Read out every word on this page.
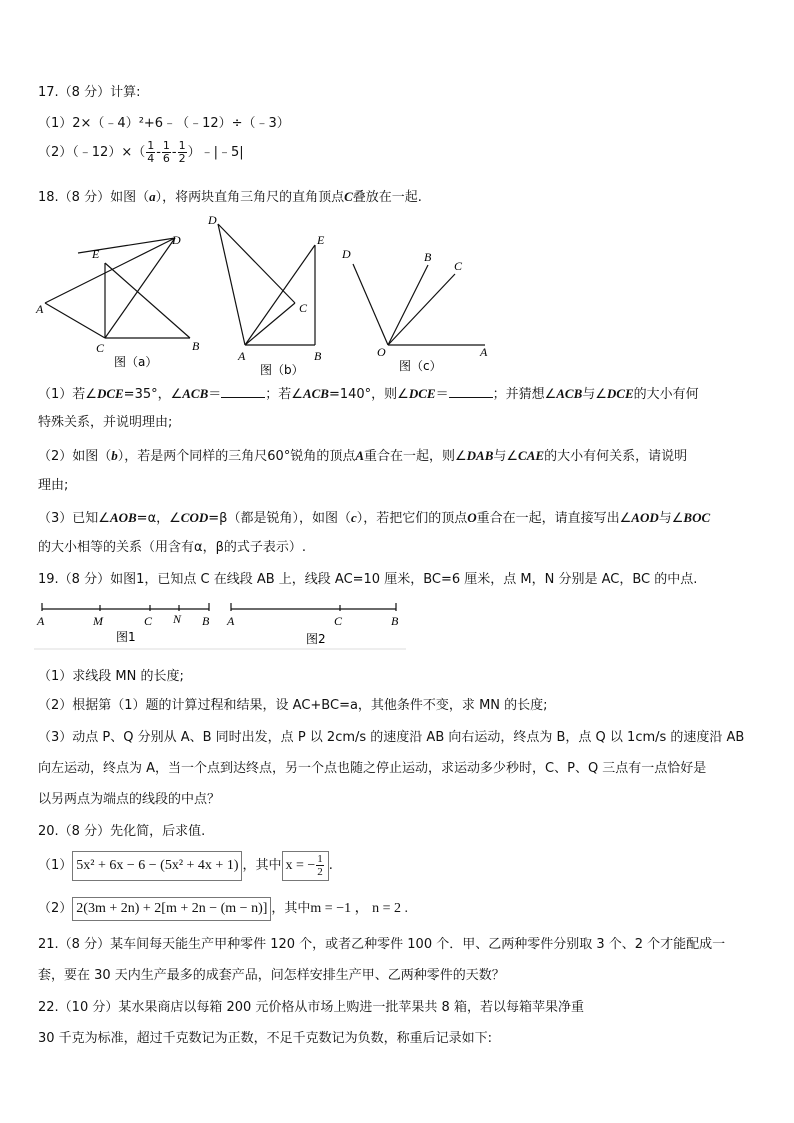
17.（8 分）计算:
（1）2×（﹣4）²+6﹣（﹣12）÷（﹣3）
（2）（﹣12）×（ $\frac{1}{4} - \frac{1}{6} - \frac{1}{2}$ ）﹣|﹣5|
18.（8 分）如图（a），将两块直角三角尺的直角顶点C叠放在一起.
E
D
A
C	B
图（a）
D
E
C
A	B
图（b）
D	B
C
O	A
图（c）
（1）若∠DCE=35°，∠ACB＝	；若∠ACB=140°，则∠DCE＝	；并猜想∠ACB与∠DCE的大小有何
特殊关系，并说明理由;
（2）如图（b），若是两个同样的三角尺60°锐角的顶点A重合在一起，则∠DAB与∠CAE的大小有何关系，请说明
理由;
（3）已知∠AOB=α，∠COD=β（都是锐角），如图（c），若把它们的顶点O重合在一起，请直接写出∠AOD与∠BOC
的大小相等的关系（用含有α，β的式子表示）.
19.（8 分）如图1，已知点 C 在线段 AB 上，线段 AC=10 厘米，BC=6 厘米，点 M，N 分别是 AC，BC 的中点.
A	M	C N B
图1
A	C	B
图2
（1）求线段 MN 的长度;
（2）根据第（1）题的计算过程和结果，设 AC+BC=a，其他条件不变，求 MN 的长度;
（3）动点 P、Q 分别从 A、B 同时出发，点 P 以 2cm/s 的速度沿 AB 向右运动，终点为 B，点 Q 以 1cm/s 的速度沿 AB
向左运动，终点为 A，当一个点到达终点，另一个点也随之停止运动，求运动多少秒时，C、P、Q 三点有一点恰好是
以另两点为端点的线段的中点？
20.（8 分）先化简，后求值.
（1） 5x² + 6x − 6 − (5x² + 4x + 1) ，其中 x = − $\frac{1}{2}$ .
（2） 2(3m + 2n) + 2[m + 2n − (m − n)] ，其中m = −1 ， n = 2 .
21.（8 分）某车间每天能生产甲种零件 120 个，或者乙种零件 100 个．甲、乙两种零件分别取 3 个、2 个才能配成一
套，要在 30 天内生产最多的成套产品，问怎样安排生产甲、乙两种零件的天数？
22.（10 分）某水果商店以每箱 200 元价格从市场上购进一批苹果共 8 箱，若以每箱苹果净重
30 千克为标准，超过千克数记为正数，不足千克数记为负数，称重后记录如下:
